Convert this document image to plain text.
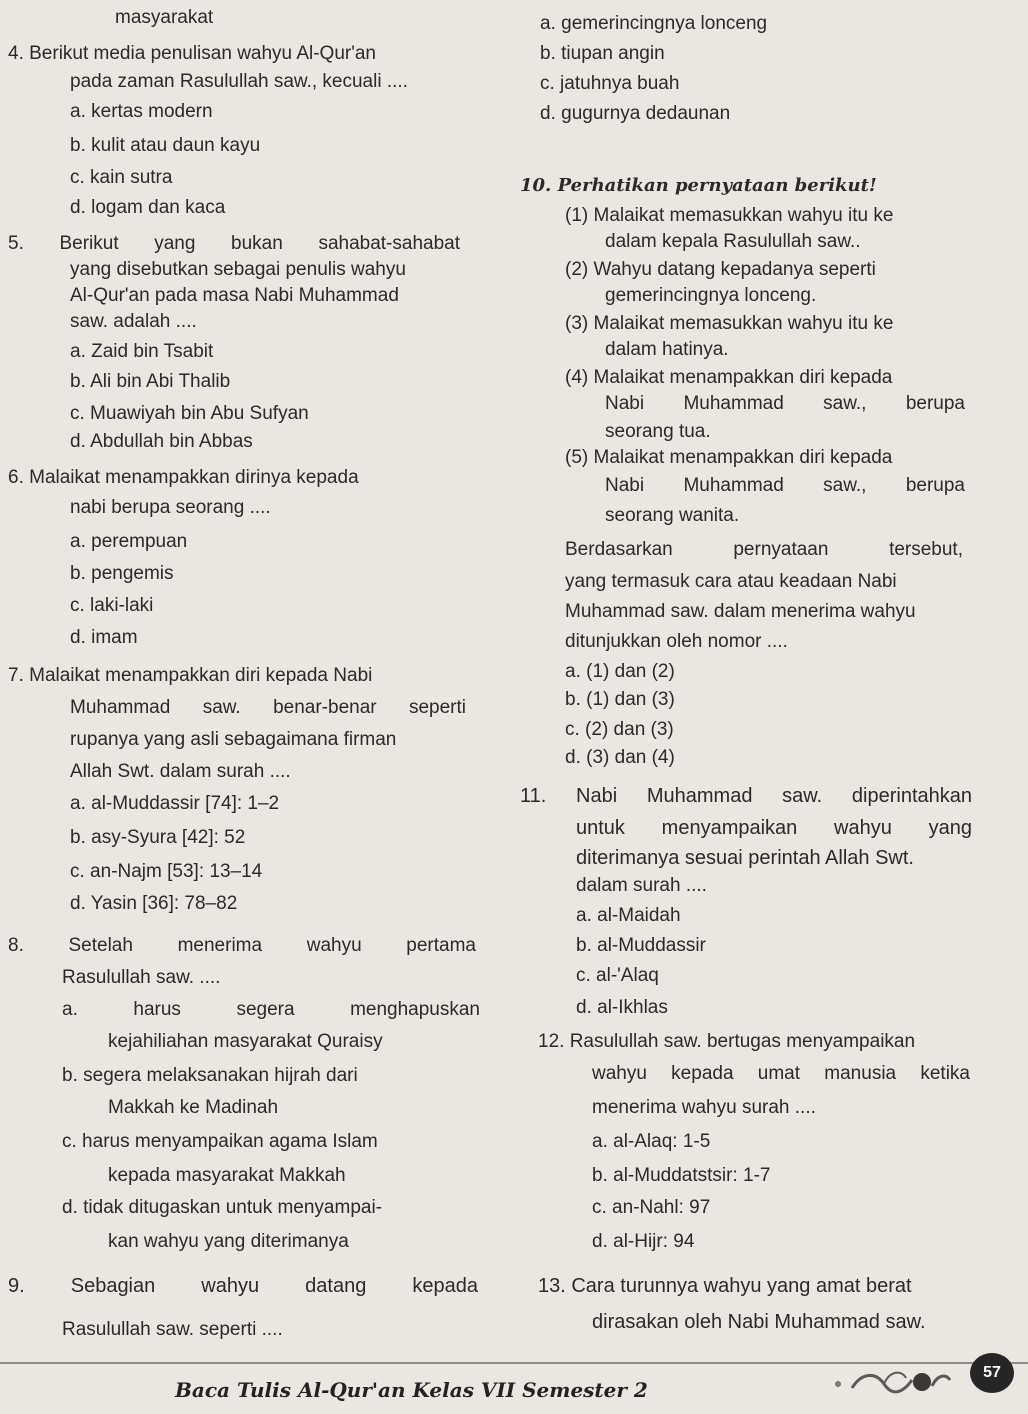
masyarakat
4. Berikut media penulisan wahyu Al-Qur'an
pada zaman Rasulullah saw., kecuali ....
a. kertas modern
b. kulit atau daun kayu
c. kain sutra
d. logam dan kaca
5. Berikut yang bukan sahabat-sahabat
yang disebutkan sebagai penulis wahyu
Al-Qur'an pada masa Nabi Muhammad
saw. adalah ....
a. Zaid bin Tsabit
b. Ali bin Abi Thalib
c. Muawiyah bin Abu Sufyan
d. Abdullah bin Abbas
6. Malaikat menampakkan dirinya kepada
nabi berupa seorang ....
a. perempuan
b. pengemis
c. laki-laki
d. imam
7. Malaikat menampakkan diri kepada Nabi
Muhammad saw. benar-benar seperti
rupanya yang asli sebagaimana firman
Allah Swt. dalam surah ....
a. al-Muddassir [74]: 1–2
b. asy-Syura [42]: 52
c. an-Najm [53]: 13–14
d. Yasin [36]: 78–82
8. Setelah menerima wahyu pertama
Rasulullah saw. ....
a. harus segera menghapuskan
kejahiliahan masyarakat Quraisy
b. segera melaksanakan hijrah dari
Makkah ke Madinah
c. harus menyampaikan agama Islam
kepada masyarakat Makkah
d. tidak ditugaskan untuk menyampai-
kan wahyu yang diterimanya
9. Sebagian wahyu datang kepada
Rasulullah saw. seperti ....
a. gemerincingnya lonceng
b. tiupan angin
c. jatuhnya buah
d. gugurnya dedaunan
10. Perhatikan pernyataan berikut!
(1) Malaikat memasukkan wahyu itu ke
dalam kepala Rasulullah saw..
(2) Wahyu datang kepadanya seperti
gemerincingnya lonceng.
(3) Malaikat memasukkan wahyu itu ke
dalam hatinya.
(4) Malaikat menampakkan diri kepada
Nabi Muhammad saw., berupa
seorang tua.
(5) Malaikat menampakkan diri kepada
Nabi Muhammad saw., berupa
seorang wanita.
Berdasarkan pernyataan tersebut,
yang termasuk cara atau keadaan Nabi
Muhammad saw. dalam menerima wahyu
ditunjukkan oleh nomor ....
a. (1) dan (2)
b. (1) dan (3)
c. (2) dan (3)
d. (3) dan (4)
11. Nabi Muhammad saw. diperintahkan
untuk menyampaikan wahyu yang
diterimanya sesuai perintah Allah Swt.
dalam surah ....
a. al-Maidah
b. al-Muddassir
c. al-'Alaq
d. al-Ikhlas
12. Rasulullah saw. bertugas menyampaikan
wahyu kepada umat manusia ketika
menerima wahyu surah ....
a. al-Alaq: 1-5
b. al-Muddatstsir: 1-7
c. an-Nahl: 97
d. al-Hijr: 94
13. Cara turunnya wahyu yang amat berat
dirasakan oleh Nabi Muhammad saw.
Baca Tulis Al-Qur'an Kelas VII Semester 2
57
